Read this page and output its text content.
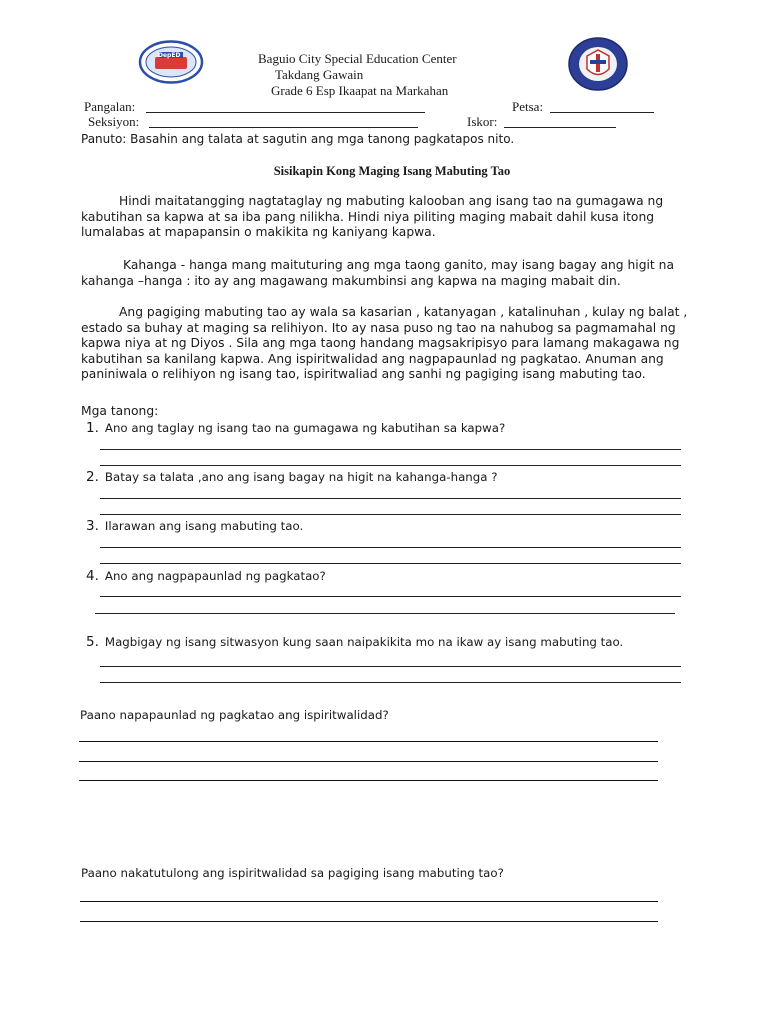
DepED	Baguio City Special Education Center
Takdang Gawain
Grade 6 Esp Ikaapat na Markahan
Pangalan:	Petsa:
Seksiyon:	Iskor:
Panuto: Basahin ang talata at sagutin ang mga tanong pagkatapos nito.
Sisikapin Kong Maging Isang Mabuting Tao
Hindi maitatangging nagtataglay ng mabuting kalooban ang isang tao na gumagawa ng
kabutihan sa kapwa at sa iba pang nilikha. Hindi niya piliting maging mabait dahil kusa itong
lumalabas at mapapansin o makikita ng kaniyang kapwa.
Kahanga - hanga mang maituturing ang mga taong ganito, may isang bagay ang higit na
kahanga –hanga : ito ay ang magawang makumbinsi ang kapwa na maging mabait din.
Ang pagiging mabuting tao ay wala sa kasarian , katanyagan , katalinuhan , kulay ng balat ,
estado sa buhay at maging sa relihiyon. Ito ay nasa puso ng tao na nahubog sa pagmamahal ng
kapwa niya at ng Diyos . Sila ang mga taong handang magsakripisyo para lamang makagawa ng
kabutihan sa kanilang kapwa. Ang ispiritwalidad ang nagpapaunlad ng pagkatao. Anuman ang
paniniwala o relihiyon ng isang tao, ispiritwaliad ang sanhi ng pagiging isang mabuting tao.
Mga tanong:
1. Ano ang taglay ng isang tao na gumagawa ng kabutihan sa kapwa?
2. Batay sa talata ,ano ang isang bagay na higit na kahanga-hanga ?
3. Ilarawan ang isang mabuting tao.
4. Ano ang nagpapaunlad ng pagkatao?
5. Magbigay ng isang sitwasyon kung saan naipakikita mo na ikaw ay isang mabuting tao.
Paano napapaunlad ng pagkatao ang ispiritwalidad?
Paano nakatutulong ang ispiritwalidad sa pagiging isang mabuting tao?
